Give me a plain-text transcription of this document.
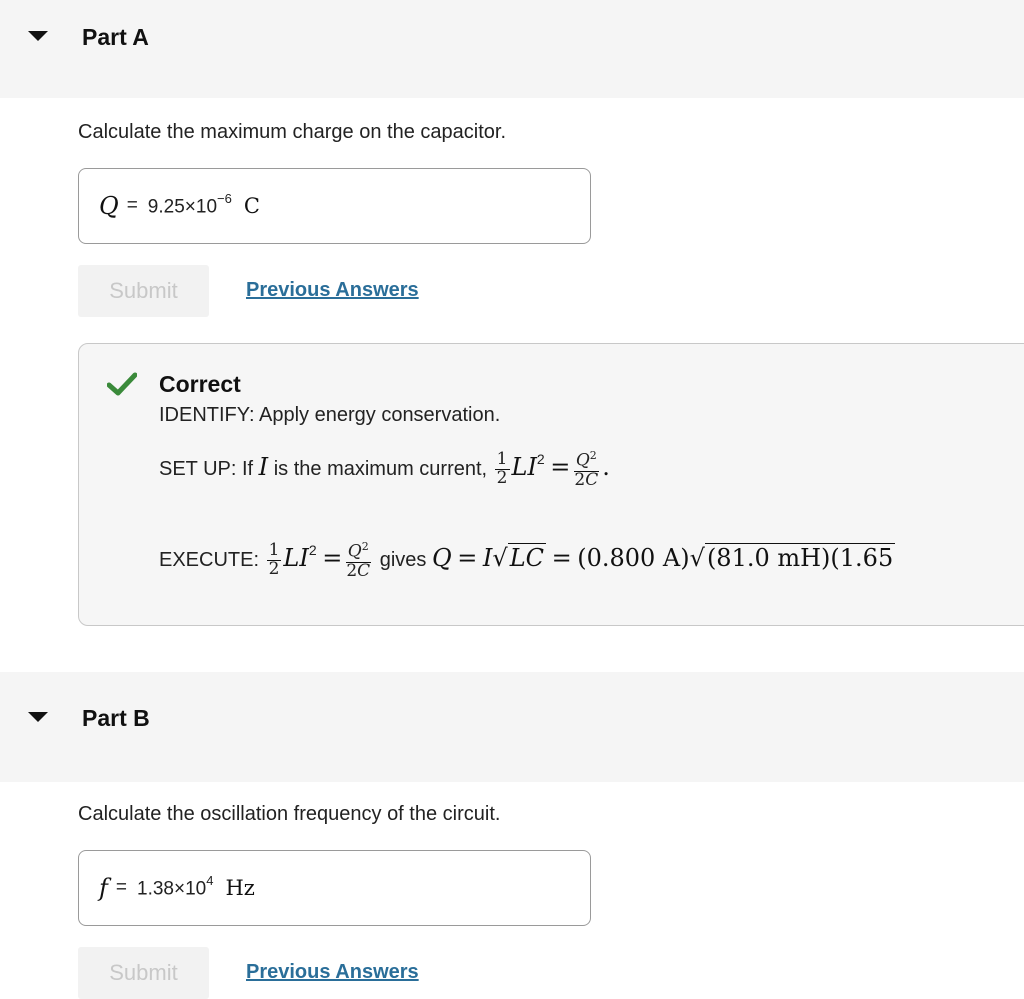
Part A
Calculate the maximum charge on the capacitor.
$Q = 9.25\times 10^{-6}$ C
Submit	Previous Answers
Correct
IDENTIFY: Apply energy conservation.
SET UP: If I is the maximum current, $\frac{1}{2} LI^2 = \frac{Q^2}{2C}$ .
EXECUTE: $\frac{1}{2} LI^2 = \frac{Q^2}{2C}$ gives Q = I√LC = (0.800 A)√(81.0 mH)(1.65
Part B
Calculate the oscillation frequency of the circuit.
$f = 1.38\times 10^4$ Hz
Submit	Previous Answers
